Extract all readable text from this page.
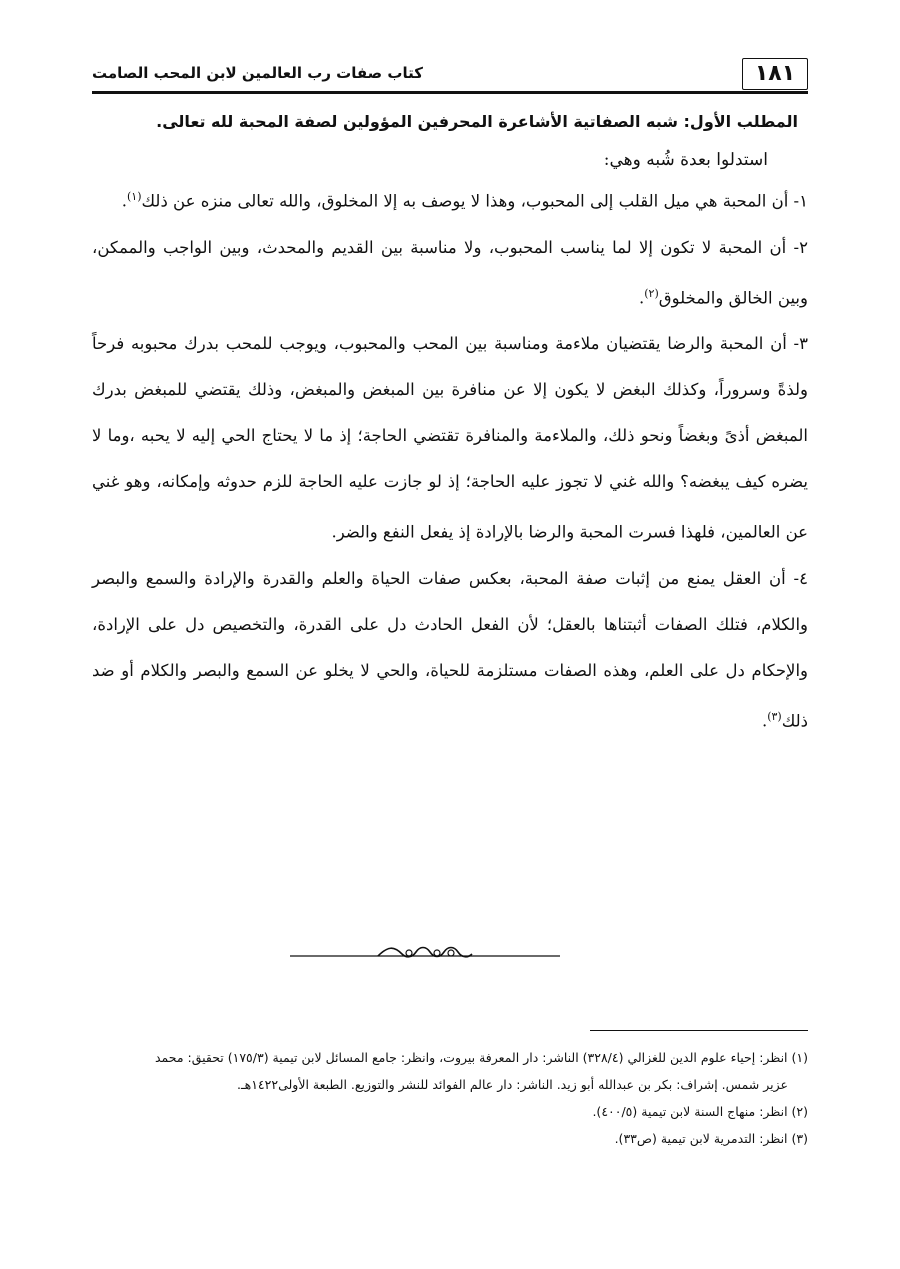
١٨١
كتاب صفات رب العالمين لابن المحب الصامت

المطلب الأول: شبه الصفاتية الأشاعرة المحرفين المؤولين لصفة المحبة لله تعالى.

استدلوا بعدة شُبه وهي:

١- أن المحبة هي ميل القلب إلى المحبوب، وهذا لا يوصف به إلا المخلوق، والله تعالى منزه عن ذلك$^{(١)}$.

٢- أن المحبة لا تكون إلا لما يناسب المحبوب، ولا مناسبة بين القديم والمحدث، وبين الواجب والممكن، وبين الخالق والمخلوق$^{(٢)}$.

٣- أن المحبة والرضا يقتضيان ملاءمة ومناسبة بين المحب والمحبوب، ويوجب للمحب بدرك محبوبه فرحاً ولذةً وسروراً، وكذلك البغض لا يكون إلا عن منافرة بين المبغض والمبغض، وذلك يقتضي للمبغض بدرك المبغض أذىً وبغضاً ونحو ذلك، والملاءمة والمنافرة تقتضي الحاجة؛ إذ ما لا يحتاج الحي إليه لا يحبه ،وما لا يضره كيف يبغضه؟ والله غني لا تجوز عليه الحاجة؛ إذ لو جازت عليه الحاجة للزم حدوثه وإمكانه، وهو غني عن العالمين، فلهذا فسرت المحبة والرضا بالإرادة إذ يفعل النفع والضر.

٤- أن العقل يمنع من إثبات صفة المحبة، بعكس صفات الحياة والعلم والقدرة والإرادة والسمع والبصر والكلام، فتلك الصفات أثبتناها بالعقل؛ لأن الفعل الحادث دل على القدرة، والتخصيص دل على الإرادة، والإحكام دل على العلم، وهذه الصفات مستلزمة للحياة، والحي لا يخلو عن السمع والبصر والكلام أو ضد ذلك$^{(٣)}$.

(١) انظر: إحياء علوم الدين للغزالي (٣٢٨/٤) الناشر: دار المعرفة بيروت، وانظر: جامع المسائل لابن تيمية (١٧٥/٣) تحقيق: محمد

عزير شمس. إشراف: بكر بن عبدالله أبو زيد. الناشر: دار عالم الفوائد للنشر والتوزيع. الطبعة الأولى١٤٢٢هـ.

(٢) انظر: منهاج السنة لابن تيمية (٤٠٠/٥).

(٣) انظر: التدمرية لابن تيمية (ص٣٣).
